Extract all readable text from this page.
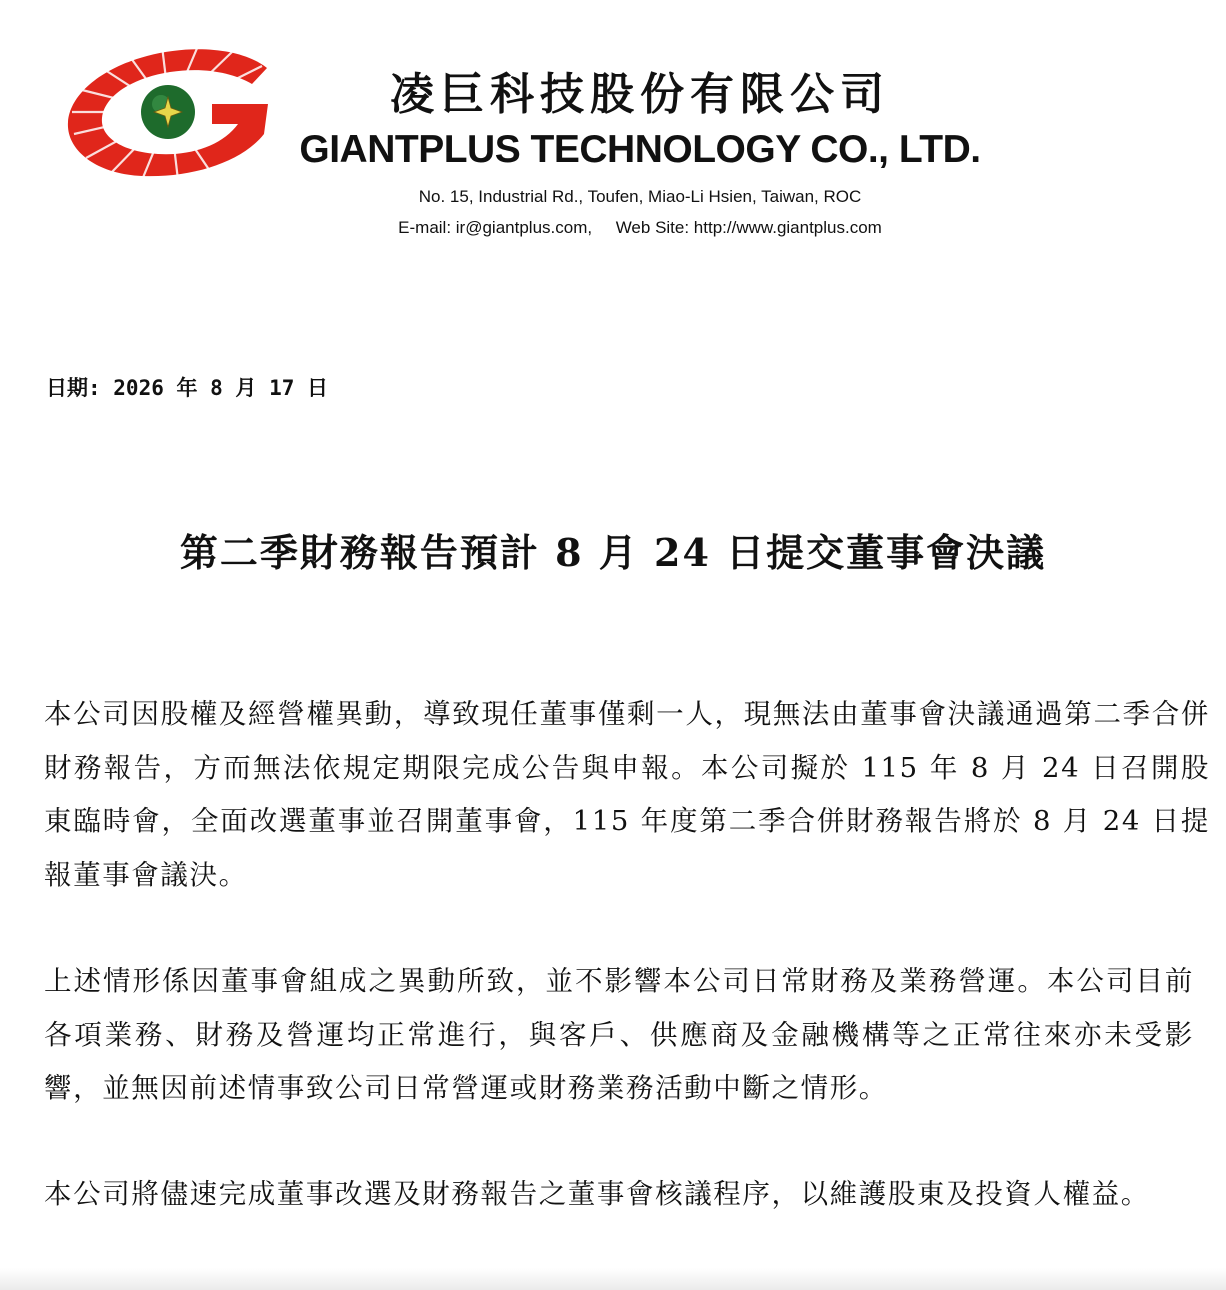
凌巨科技股份有限公司
GIANTPLUS TECHNOLOGY CO., LTD.
No. 15, Industrial Rd., Toufen, Miao-Li Hsien, Taiwan, ROC
E-mail: ir@giantplus.com,     Web Site: http://www.giantplus.com
日期: 2026 年 8 月 17 日
第二季財務報告預計 8 月 24 日提交董事會決議

本公司因股權及經營權異動，導致現任董事僅剩一人，現無法由董事會決議通過第二季合併財務報告，方而無法依規定期限完成公告與申報。本公司擬於 115 年 8 月 24 日召開股東臨時會，全面改選董事並召開董事會，115 年度第二季合併財務報告將於 8 月 24 日提報董事會議決。

上述情形係因董事會組成之異動所致，並不影響本公司日常財務及業務營運。本公司目前各項業務、財務及營運均正常進行，與客戶、供應商及金融機構等之正常往來亦未受影響，並無因前述情事致公司日常營運或財務業務活動中斷之情形。

本公司將儘速完成董事改選及財務報告之董事會核議程序，以維護股東及投資人權益。
